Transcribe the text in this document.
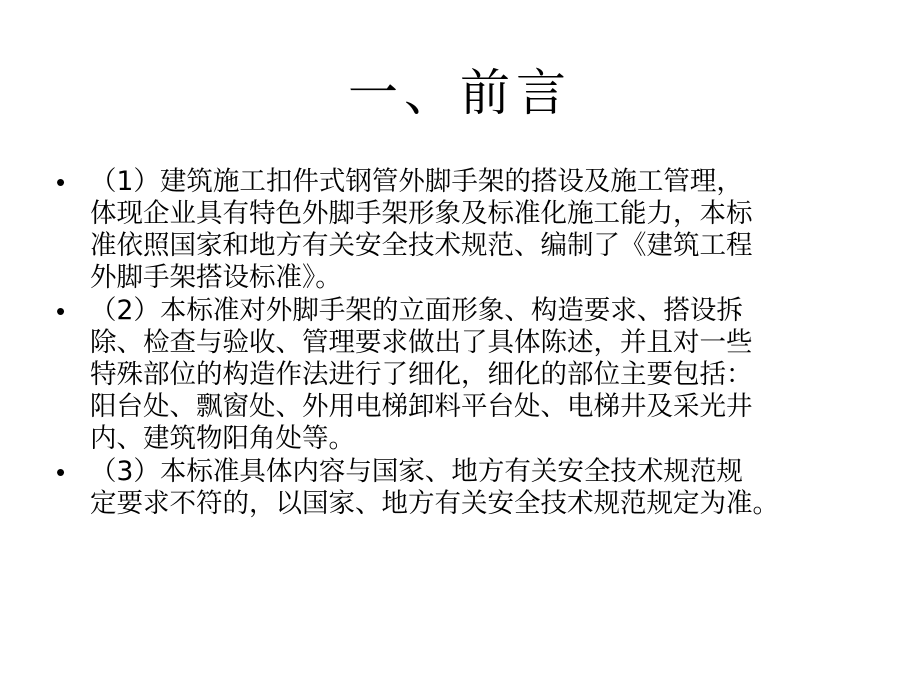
一、前言
• （1）建筑施工扣件式钢管外脚手架的搭设及施工管理，
体现企业具有特色外脚手架形象及标准化施工能力，本标
准依照国家和地方有关安全技术规范、编制了《建筑工程
外脚手架搭设标准》。
• （2）本标准对外脚手架的立面形象、构造要求、搭设拆
除、检查与验收、管理要求做出了具体陈述，并且对一些
特殊部位的构造作法进行了细化，细化的部位主要包括：
阳台处、飘窗处、外用电梯卸料平台处、电梯井及采光井
内、建筑物阳角处等。
• （3）本标准具体内容与国家、地方有关安全技术规范规
定要求不符的，以国家、地方有关安全技术规范规定为准。
